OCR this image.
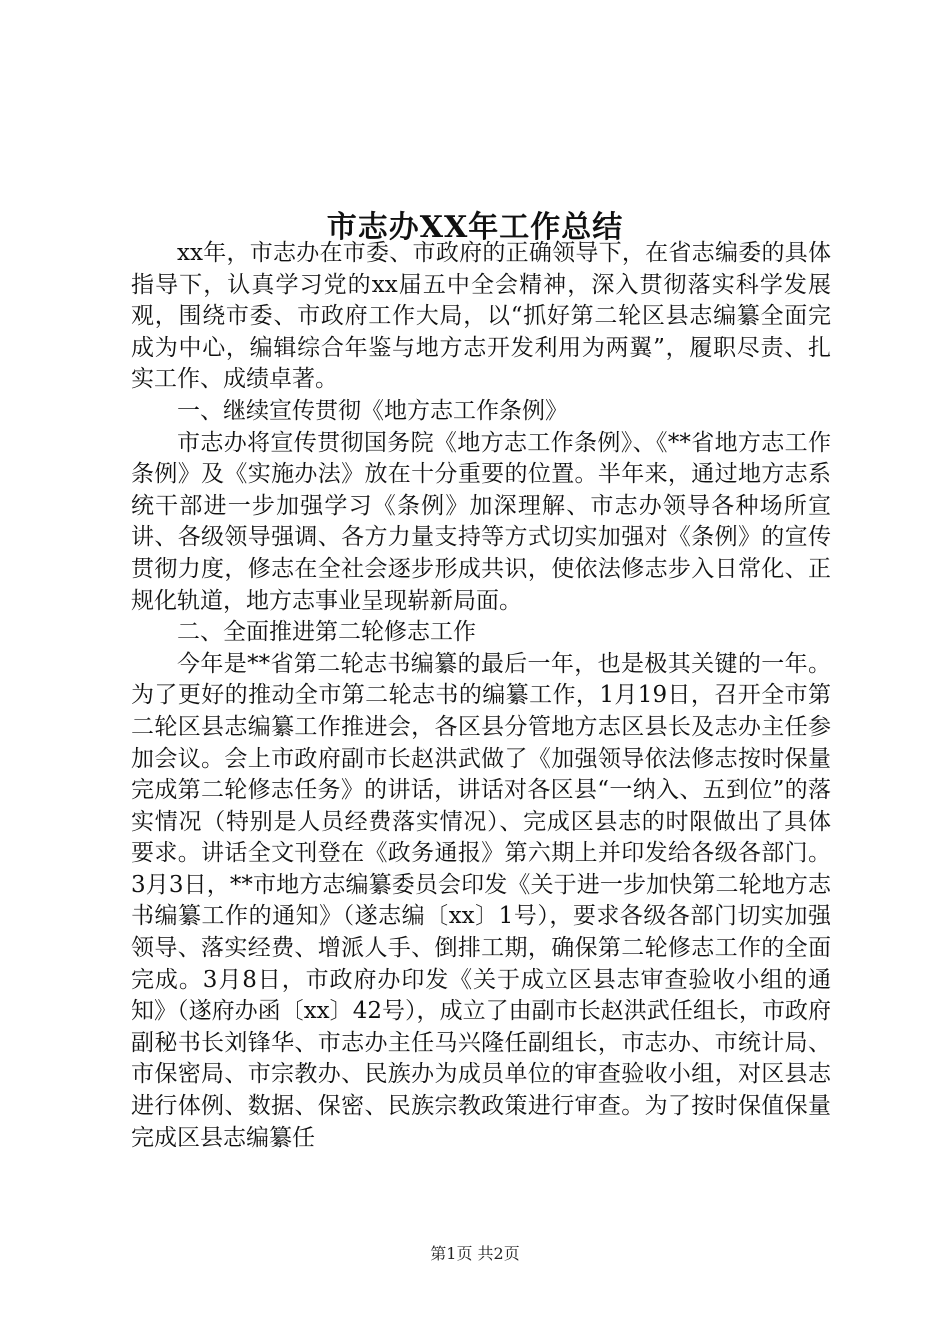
市志办XX年工作总结

xx年，市志办在市委、市政府的正确领导下，在省志编委的具体指导下，认真学习党的xx届五中全会精神，深入贯彻落实科学发展观，围绕市委、市政府工作大局，以“抓好第二轮区县志编纂全面完成为中心，编辑综合年鉴与地方志开发利用为两翼”，履职尽责、扎实工作、成绩卓著。

一、继续宣传贯彻《地方志工作条例》

市志办将宣传贯彻国务院《地方志工作条例》、《**省地方志工作条例》及《实施办法》放在十分重要的位置。半年来，通过地方志系统干部进一步加强学习《条例》加深理解、市志办领导各种场所宣讲、各级领导强调、各方力量支持等方式切实加强对《条例》的宣传贯彻力度，修志在全社会逐步形成共识，使依法修志步入日常化、正规化轨道，地方志事业呈现崭新局面。

二、全面推进第二轮修志工作

今年是**省第二轮志书编纂的最后一年，也是极其关键的一年。为了更好的推动全市第二轮志书的编纂工作，1月19日，召开全市第二轮区县志编纂工作推进会，各区县分管地方志区县长及志办主任参加会议。会上市政府副市长赵洪武做了《加强领导依法修志按时保量完成第二轮修志任务》的讲话，讲话对各区县“一纳入、五到位”的落实情况（特别是人员经费落实情况）、完成区县志的时限做出了具体要求。讲话全文刊登在《政务通报》第六期上并印发给各级各部门。3月3日，**市地方志编纂委员会印发《关于进一步加快第二轮地方志书编纂工作的通知》（遂志编〔xx〕1号），要求各级各部门切实加强领导、落实经费、增派人手、倒排工期，确保第二轮修志工作的全面完成。3月8日，市政府办印发《关于成立区县志审查验收小组的通知》（遂府办函〔xx〕42号），成立了由副市长赵洪武任组长，市政府副秘书长刘锋华、市志办主任马兴隆任副组长，市志办、市统计局、市保密局、市宗教办、民族办为成员单位的审查验收小组，对区县志进行体例、数据、保密、民族宗教政策进行审查。为了按时保值保量完成区县志编纂任

第1页 共2页
